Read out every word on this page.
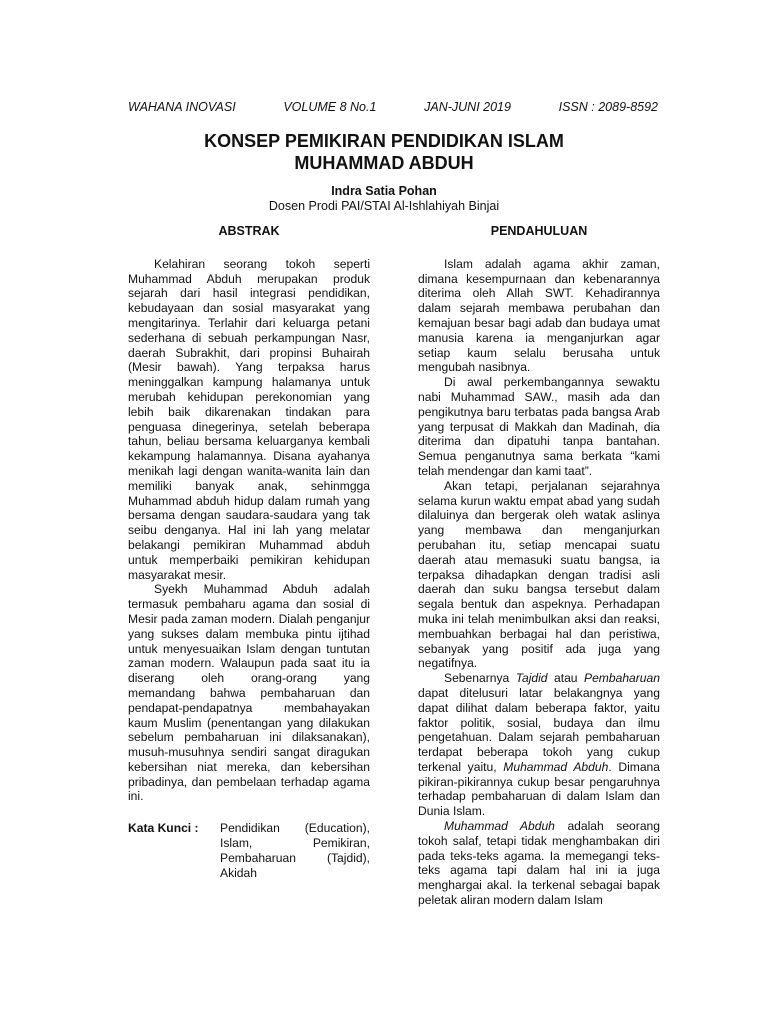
WAHANA INOVASI	VOLUME 8 No.1	JAN-JUNI 2019	ISSN : 2089-8592
KONSEP PEMIKIRAN PENDIDIKAN ISLAM
MUHAMMAD ABDUH
Indra Satia Pohan
Dosen Prodi PAI/STAI Al-Ishlahiyah Binjai
ABSTRAK

Kelahiran seorang tokoh seperti Muhammad Abduh merupakan produk sejarah dari hasil integrasi pendidikan, kebudayaan dan sosial masyarakat yang mengitarinya. Terlahir dari keluarga petani sederhana di sebuah perkampungan Nasr, daerah Subrakhit, dari propinsi Buhairah (Mesir bawah). Yang terpaksa harus meninggalkan kampung halamanya untuk merubah kehidupan perekonomian yang lebih baik dikarenakan tindakan para penguasa dinegerinya, setelah beberapa tahun, beliau bersama keluarganya kembali kekampung halamannya. Disana ayahanya menikah lagi dengan wanita-wanita lain dan memiliki banyak anak, sehinmgga Muhammad abduh hidup dalam rumah yang bersama dengan saudara-saudara yang tak seibu denganya. Hal ini lah yang melatar belakangi pemikiran Muhammad abduh untuk memperbaiki pemikiran kehidupan masyarakat mesir.

Syekh Muhammad Abduh adalah termasuk pembaharu agama dan sosial di Mesir pada zaman modern. Dialah penganjur yang sukses dalam membuka pintu ijtihad untuk menyesuaikan Islam dengan tuntutan zaman modern. Walaupun pada saat itu ia diserang oleh orang-orang yang memandang bahwa pembaharuan dan pendapat-pendapatnya membahayakan kaum Muslim (penentangan yang dilakukan sebelum pembaharuan ini dilaksanakan), musuh-musuhnya sendiri sangat diragukan kebersihan niat mereka, dan kebersihan pribadinya, dan pembelaan terhadap agama ini.

Kata Kunci :	Pendidikan (Education), Islam, Pemikiran, Pembaharuan (Tajdid), Akidah
PENDAHULUAN

Islam adalah agama akhir zaman, dimana kesempurnaan dan kebenarannya diterima oleh Allah SWT. Kehadirannya dalam sejarah membawa perubahan dan kemajuan besar bagi adab dan budaya umat manusia karena ia menganjurkan agar setiap kaum selalu berusaha untuk mengubah nasibnya.

Di awal perkembangannya sewaktu nabi Muhammad SAW., masih ada dan pengikutnya baru terbatas pada bangsa Arab yang terpusat di Makkah dan Madinah, dia diterima dan dipatuhi tanpa bantahan. Semua penganutnya sama berkata “kami telah mendengar dan kami taat”.

Akan tetapi, perjalanan sejarahnya selama kurun waktu empat abad yang sudah dilaluinya dan bergerak oleh watak aslinya yang membawa dan menganjurkan perubahan itu, setiap mencapai suatu daerah atau memasuki suatu bangsa, ia terpaksa dihadapkan dengan tradisi asli daerah dan suku bangsa tersebut dalam segala bentuk dan aspeknya. Perhadapan muka ini telah menimbulkan aksi dan reaksi, membuahkan berbagai hal dan peristiwa, sebanyak yang positif ada juga yang negatifnya.

Sebenarnya Tajdid atau Pembaharuan dapat ditelusuri latar belakangnya yang dapat dilihat dalam beberapa faktor, yaitu faktor politik, sosial, budaya dan ilmu pengetahuan. Dalam sejarah pembaharuan terdapat beberapa tokoh yang cukup terkenal yaitu, Muhammad Abduh. Dimana pikiran-pikirannya cukup besar pengaruhnya terhadap pembaharuan di dalam Islam dan Dunia Islam.

Muhammad Abduh adalah seorang tokoh salaf, tetapi tidak menghambakan diri pada teks-teks agama. Ia memegangi teks-teks agama tapi dalam hal ini ia juga menghargai akal. Ia terkenal sebagai bapak peletak aliran modern dalam Islam
